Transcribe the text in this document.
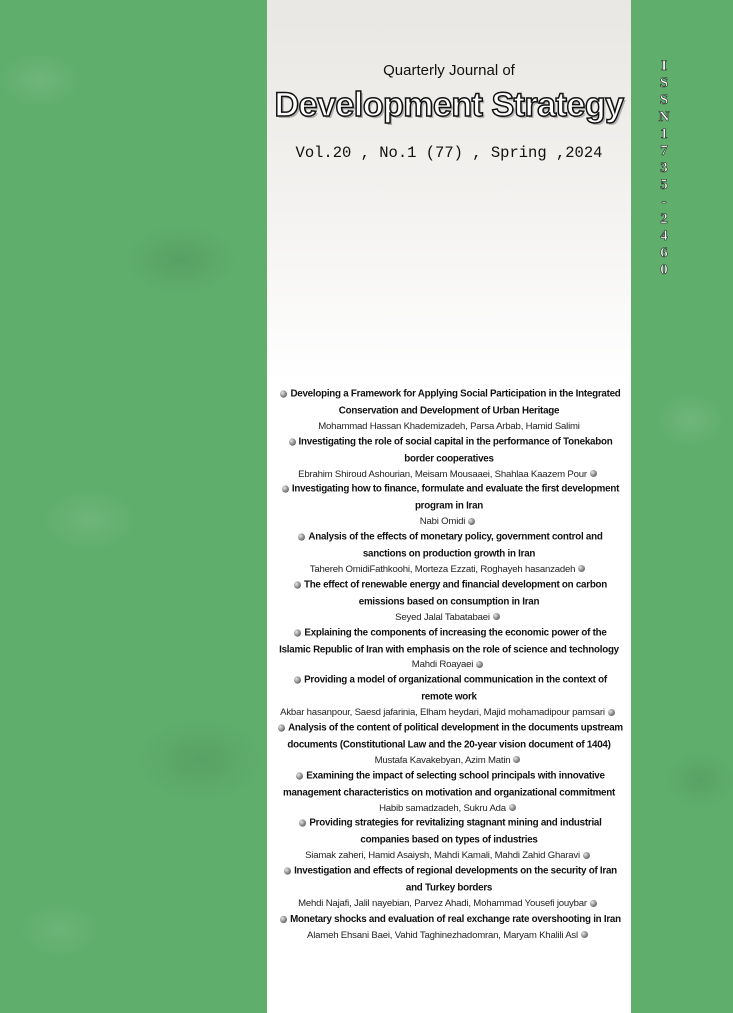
Quarterly Journal of
Development Strategy
Vol.20 , No.1 (77) , Spring ,2024
I
S
S
N
1
7
3
5
-
2
4
6
0
Developing a Framework for Applying Social Participation in the Integrated Conservation and Development of Urban Heritage
Mohammad Hassan Khademizadeh, Parsa Arbab, Hamid Salimi
Investigating the role of social capital in the performance of Tonekabon border cooperatives
Ebrahim Shiroud Ashourian, Meisam Mousaaei, Shahlaa Kaazem Pour
Investigating how to finance, formulate and evaluate the first development program in Iran
Nabi Omidi
Analysis of the effects of monetary policy, government control and sanctions on production growth in Iran
Tahereh OmidiFathkoohi, Morteza Ezzati, Roghayeh hasanzadeh
The effect of renewable energy and financial development on carbon emissions based on consumption in Iran
Seyed Jalal Tabatabaei
Explaining the components of increasing the economic power of the Islamic Republic of Iran with emphasis on the role of science and technology
Mahdi Roayaei
Providing a model of organizational communication in the context of remote work
Akbar hasanpour, Saesd jafarinia, Elham heydari, Majid mohamadipour pamsari
Analysis of the content of political development in the documents upstream documents (Constitutional Law and the 20-year vision document of 1404)
Mustafa Kavakebyan, Azim Matin
Examining the impact of selecting school principals with innovative management characteristics on motivation and organizational commitment
Habib samadzadeh, Sukru Ada
Providing strategies for revitalizing stagnant mining and industrial companies based on types of industries
Siamak zaheri, Hamid Asaiysh, Mahdi Kamali, Mahdi Zahid Gharavi
Investigation and effects of regional developments on the security of Iran and Turkey borders
Mehdi Najafi, Jalil nayebian, Parvez Ahadi, Mohammad Yousefi jouybar
Monetary shocks and evaluation of real exchange rate overshooting in Iran
Alameh Ehsani Baei, Vahid Taghinezhadomran, Maryam Khalili Asl
